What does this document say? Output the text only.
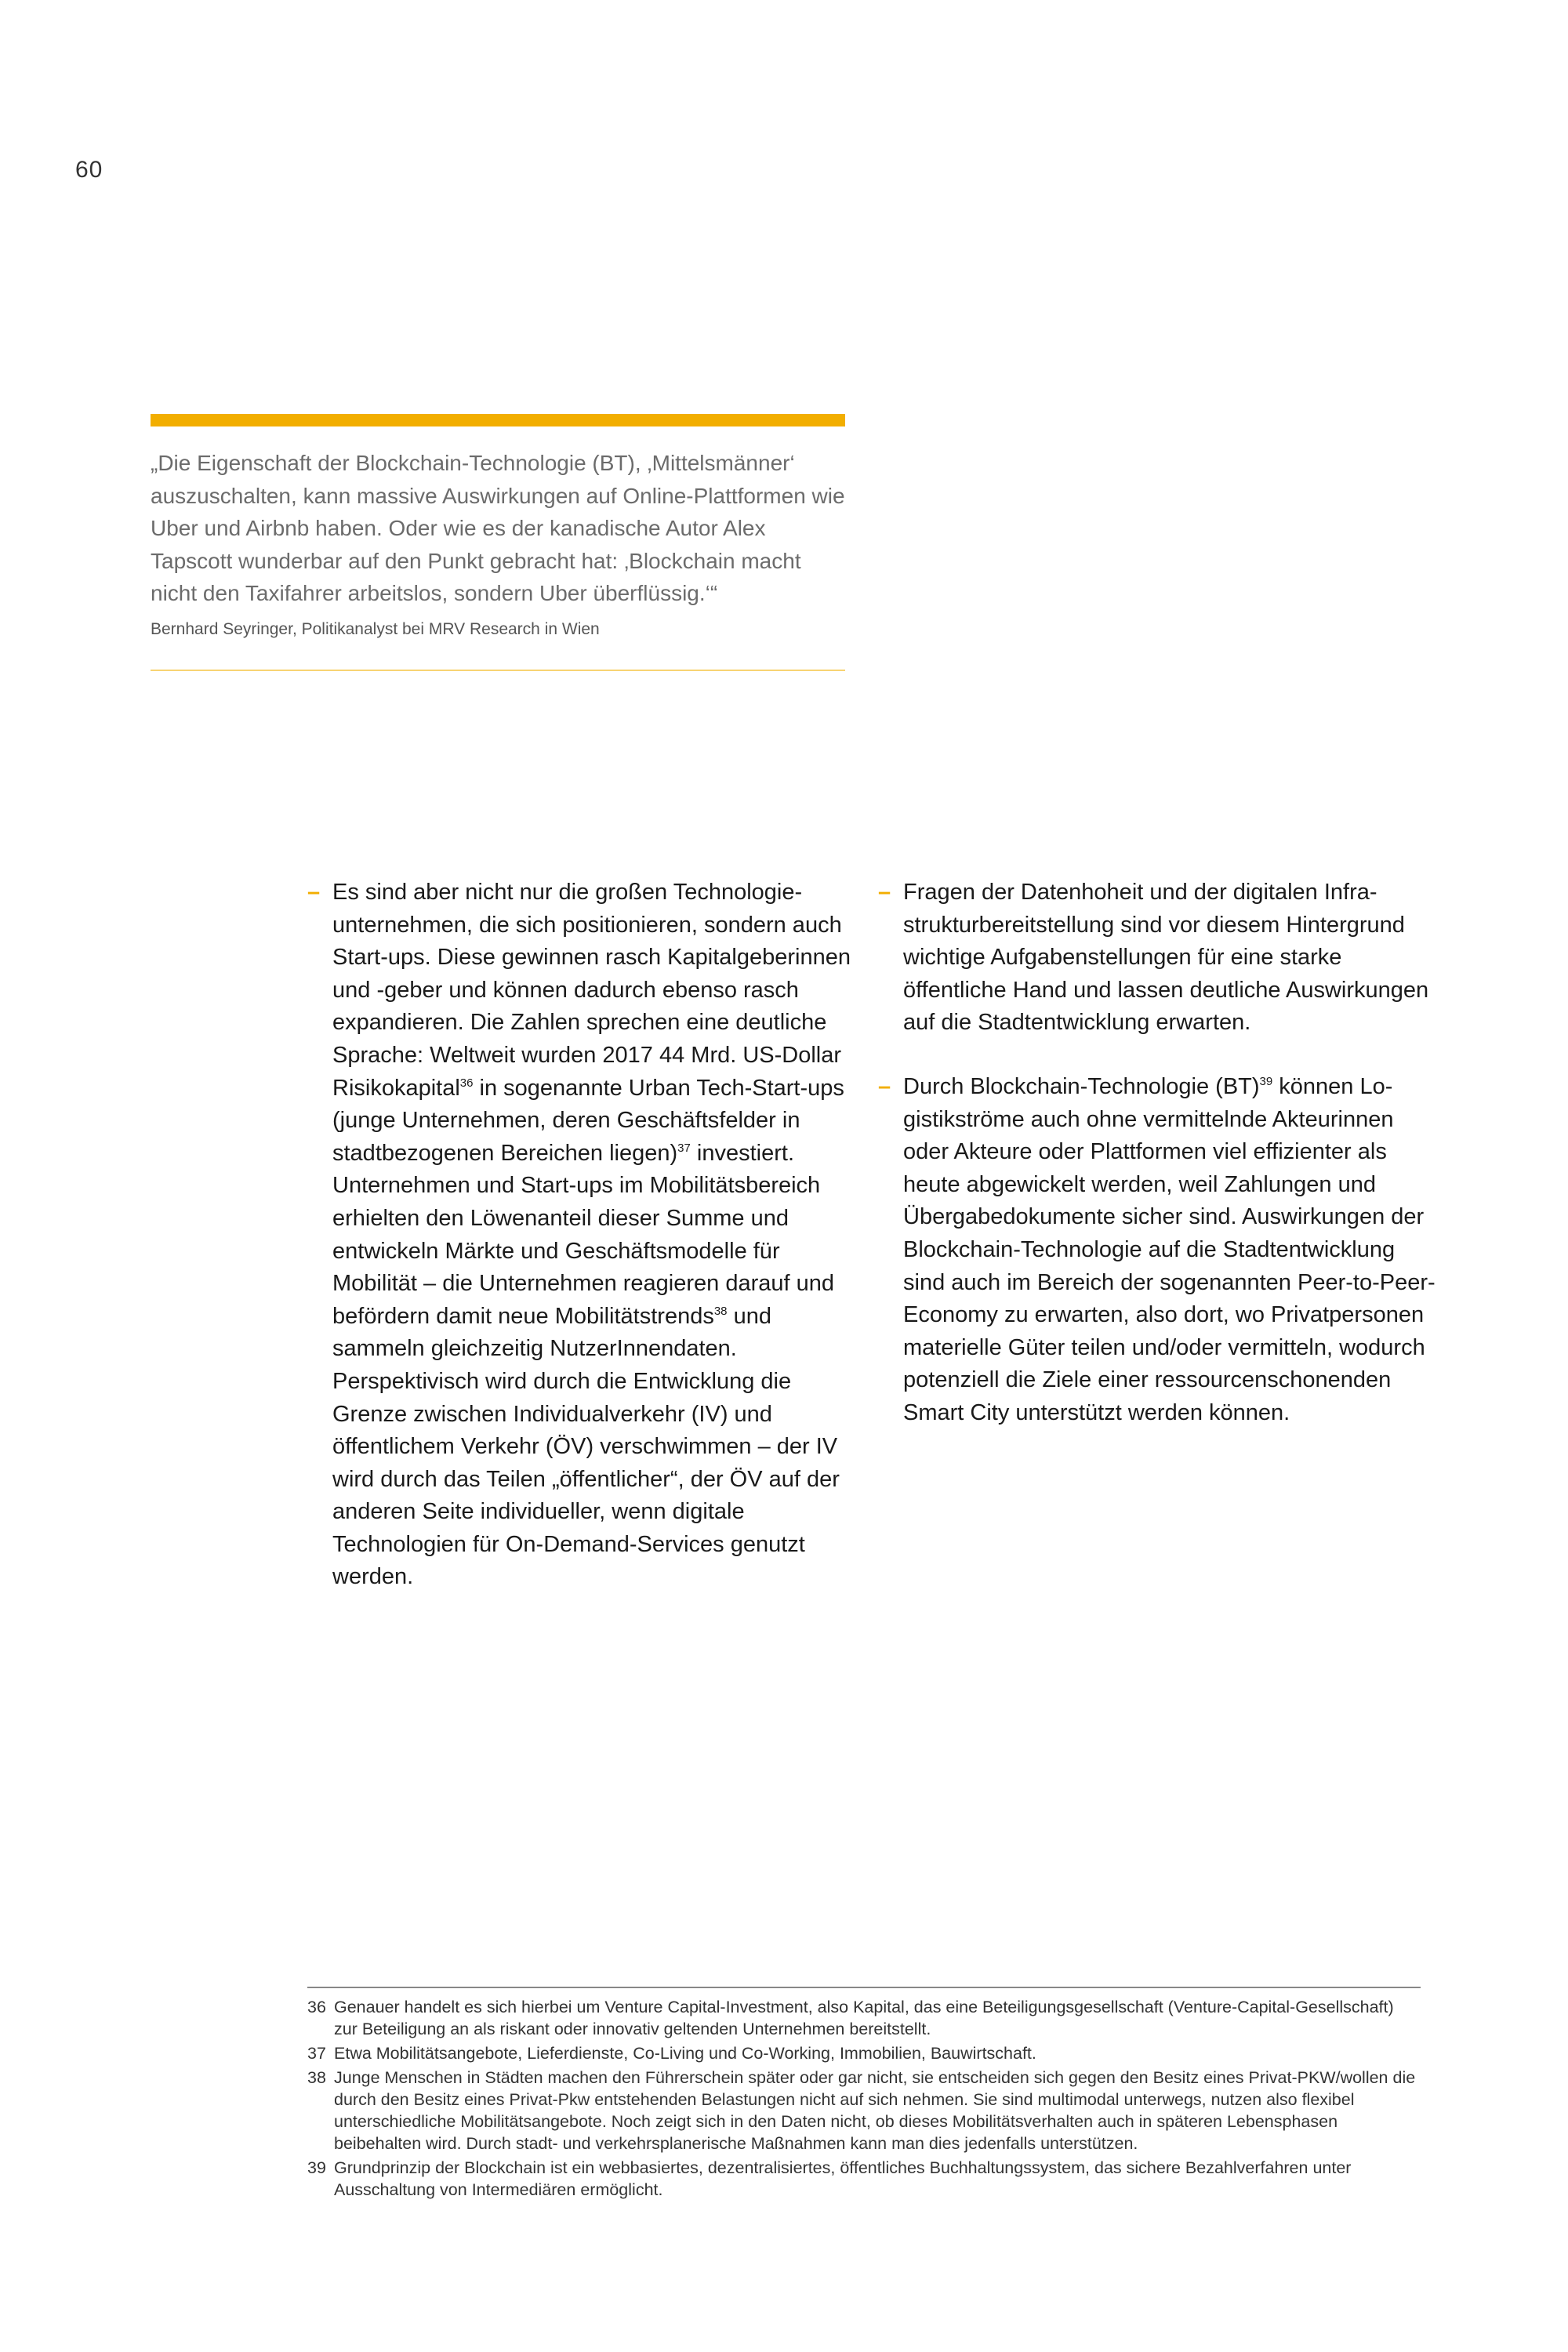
60

„Die Eigenschaft der Blockchain-Technologie (BT), ‚Mittelsmänner‘ auszuschalten, kann massive Auswirkungen auf Online-Plattformen wie Uber und Airbnb haben. Oder wie es der kanadische Autor Alex Tapscott wunderbar auf den Punkt gebracht hat: ‚Blockchain macht nicht den Taxifahrer arbeitslos, sondern Uber überflüssig.‘“

Bernhard Seyringer, Politikanalyst bei MRV Research in Wien
– Es sind aber nicht nur die großen Technologieunternehmen, die sich positionieren, sondern auch Start-ups. Diese gewinnen rasch Kapitalgeberinnen und -geber und können dadurch ebenso rasch expandieren. Die Zahlen sprechen eine deutliche Sprache: Weltweit wurden 2017 44 Mrd. US-Dollar Risikokapital$^{36}$ in sogenannte Urban Tech-Start-ups (junge Unternehmen, deren Geschäftsfelder in stadtbezogenen Bereichen liegen)$^{37}$ investiert. Unternehmen und Start-ups im Mobilitätsbereich erhielten den Löwenanteil dieser Summe und entwickeln Märkte und Geschäftsmodelle für Mobilität – die Unternehmen reagieren darauf und befördern damit neue Mobilitätstrends$^{38}$ und sammeln gleichzeitig NutzerInnendaten. Perspektivisch wird durch die Entwicklung die Grenze zwischen Individualverkehr (IV) und öffentlichem Verkehr (ÖV) verschwimmen – der IV wird durch das Teilen „öffentlicher“, der ÖV auf der anderen Seite individueller, wenn digitale Technologien für On-Demand-Services genutzt werden.

– Fragen der Datenhoheit und der digitalen Infrastrukturbereitstellung sind vor diesem Hintergrund wichtige Aufgabenstellungen für eine starke öffentliche Hand und lassen deutliche Auswirkungen auf die Stadtentwicklung erwarten.

– Durch Blockchain-Technologie (BT)$^{39}$ können Logistikströme auch ohne vermittelnde Akteurinnen oder Akteure oder Plattformen viel effizienter als heute abgewickelt werden, weil Zahlungen und Übergabedokumente sicher sind. Auswirkungen der Blockchain-Technologie auf die Stadtentwicklung sind auch im Bereich der sogenannten Peer-to-Peer-Economy zu erwarten, also dort, wo Privatpersonen materielle Güter teilen und/oder vermitteln, wodurch potenziell die Ziele einer ressourcenschonenden Smart City unterstützt werden können.

36 Genauer handelt es sich hierbei um Venture Capital-Investment, also Kapital, das eine Beteiligungsgesellschaft (Venture-Capital-Gesellschaft) zur Beteiligung an als riskant oder innovativ geltenden Unternehmen bereitstellt.
37 Etwa Mobilitätsangebote, Lieferdienste, Co-Living und Co-Working, Immobilien, Bauwirtschaft.
38 Junge Menschen in Städten machen den Führerschein später oder gar nicht, sie entscheiden sich gegen den Besitz eines Privat-PKW/wollen die durch den Besitz eines Privat-Pkw entstehenden Belastungen nicht auf sich nehmen. Sie sind multimodal unterwegs, nutzen also flexibel unterschiedliche Mobilitätsangebote. Noch zeigt sich in den Daten nicht, ob dieses Mobilitätsverhalten auch in späteren Lebensphasen beibehalten wird. Durch stadt- und verkehrsplanerische Maßnahmen kann man dies jedenfalls unterstützen.
39 Grundprinzip der Blockchain ist ein webbasiertes, dezentralisiertes, öffentliches Buchhaltungssystem, das sichere Bezahlverfahren unter Ausschaltung von Intermediären ermöglicht.
